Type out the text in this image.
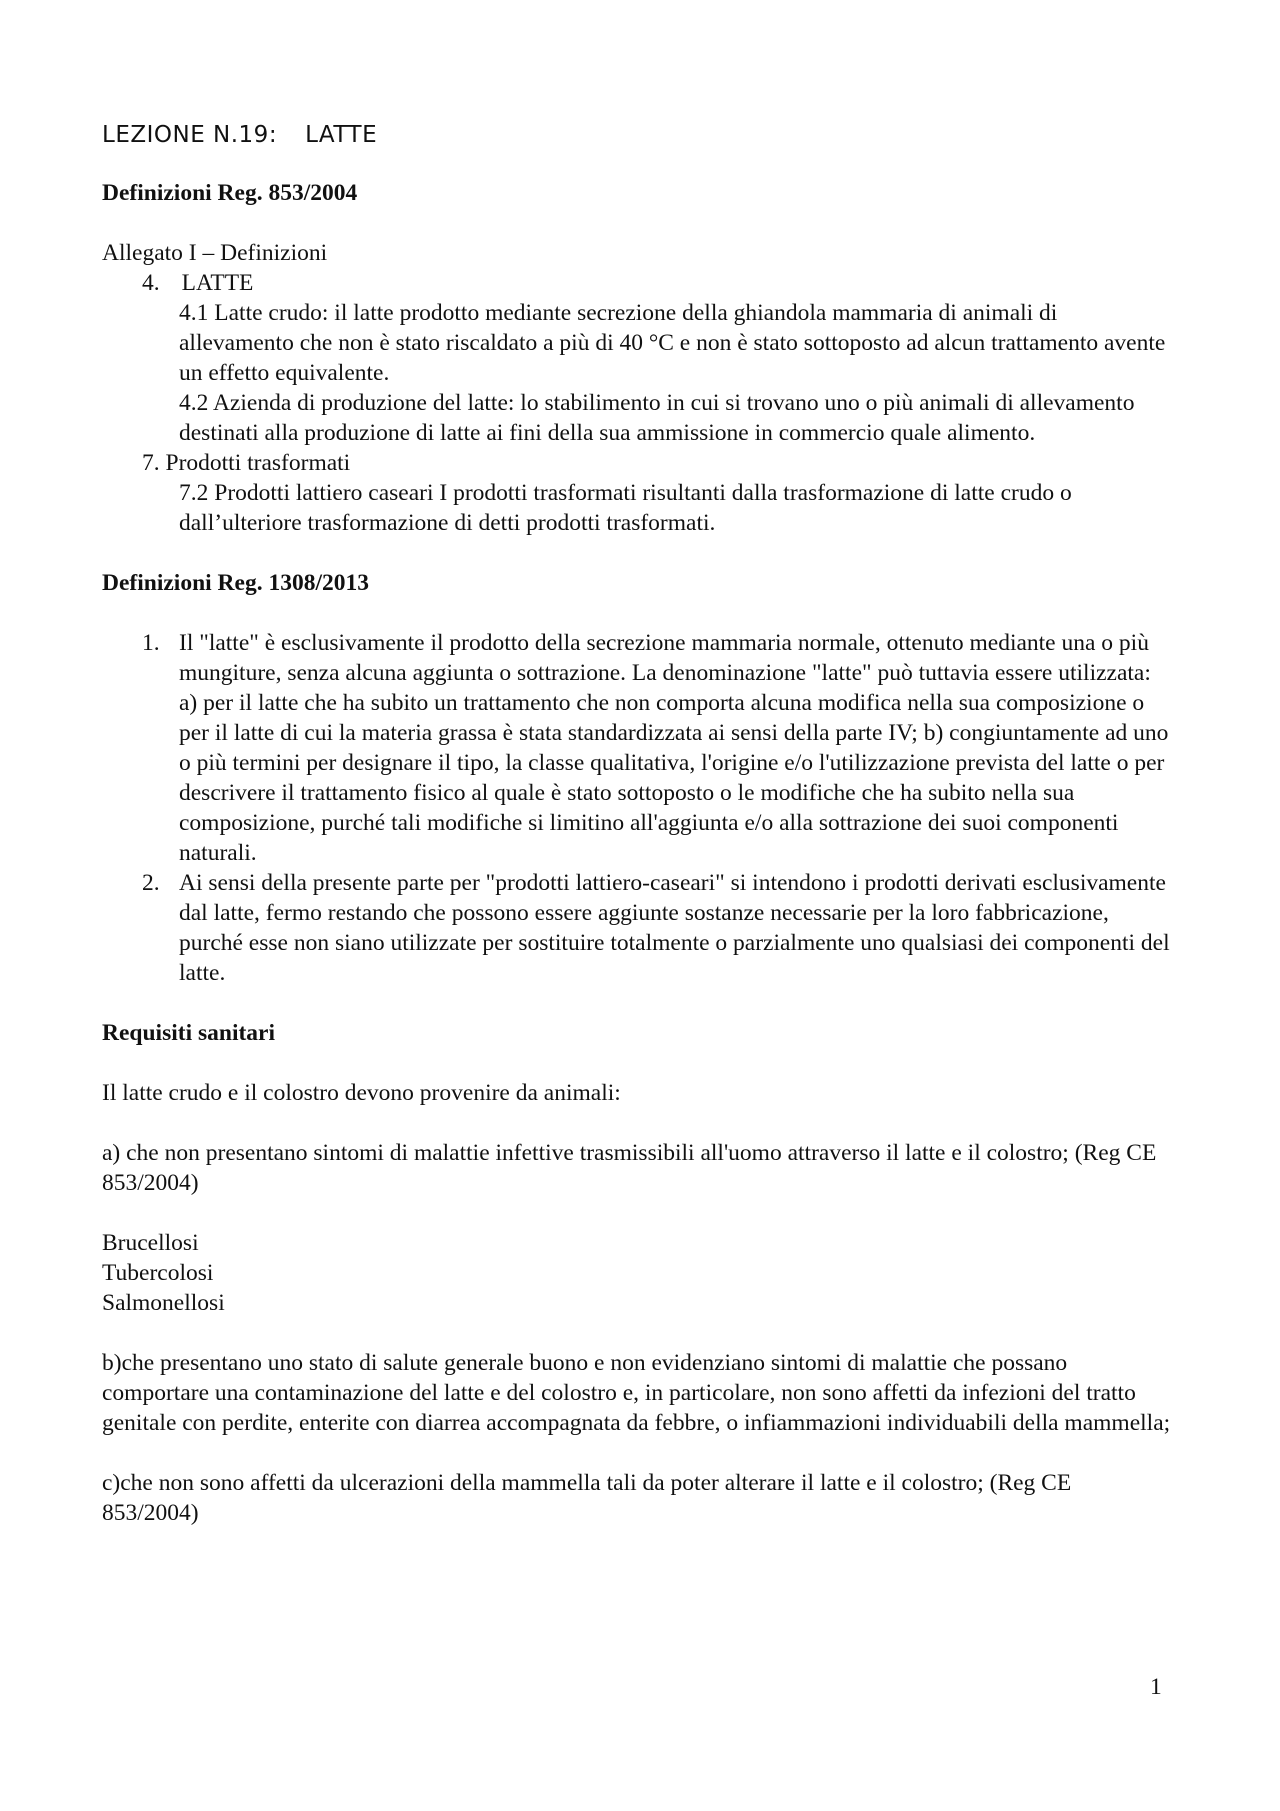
LEZIONE N.19: LATTE
Definizioni Reg. 853/2004

Allegato I – Definizioni

4. LATTE

4.1 Latte crudo: il latte prodotto mediante secrezione della ghiandola mammaria di animali di allevamento che non è stato riscaldato a più di 40 °C e non è stato sottoposto ad alcun trattamento avente un effetto equivalente.

4.2 Azienda di produzione del latte: lo stabilimento in cui si trovano uno o più animali di allevamento destinati alla produzione di latte ai fini della sua ammissione in commercio quale alimento.

7. Prodotti trasformati

7.2 Prodotti lattiero caseari I prodotti trasformati risultanti dalla trasformazione di latte crudo o dall’ulteriore trasformazione di detti prodotti trasformati.

Definizioni Reg. 1308/2013
1. Il "latte" è esclusivamente il prodotto della secrezione mammaria normale, ottenuto mediante una o più mungiture, senza alcuna aggiunta o sottrazione. La denominazione "latte" può tuttavia essere utilizzata: a) per il latte che ha subito un trattamento che non comporta alcuna modifica nella sua composizione o per il latte di cui la materia grassa è stata standardizzata ai sensi della parte IV; b) congiuntamente ad uno o più termini per designare il tipo, la classe qualitativa, l'origine e/o l'utilizzazione prevista del latte o per descrivere il trattamento fisico al quale è stato sottoposto o le modifiche che ha subito nella sua composizione, purché tali modifiche si limitino all'aggiunta e/o alla sottrazione dei suoi componenti naturali.
2. Ai sensi della presente parte per "prodotti lattiero-caseari" si intendono i prodotti derivati esclusivamente dal latte, fermo restando che possono essere aggiunte sostanze necessarie per la loro fabbricazione, purché esse non siano utilizzate per sostituire totalmente o parzialmente uno qualsiasi dei componenti del latte.
Requisiti sanitari

Il latte crudo e il colostro devono provenire da animali:

a) che non presentano sintomi di malattie infettive trasmissibili all'uomo attraverso il latte e il colostro; (Reg CE 853/2004)

Brucellosi

Tubercolosi

Salmonellosi

b)che presentano uno stato di salute generale buono e non evidenziano sintomi di malattie che possano comportare una contaminazione del latte e del colostro e, in particolare, non sono affetti da infezioni del tratto genitale con perdite, enterite con diarrea accompagnata da febbre, o infiammazioni individuabili della mammella;

c)che non sono affetti da ulcerazioni della mammella tali da poter alterare il latte e il colostro; (Reg CE 853/2004)

1
